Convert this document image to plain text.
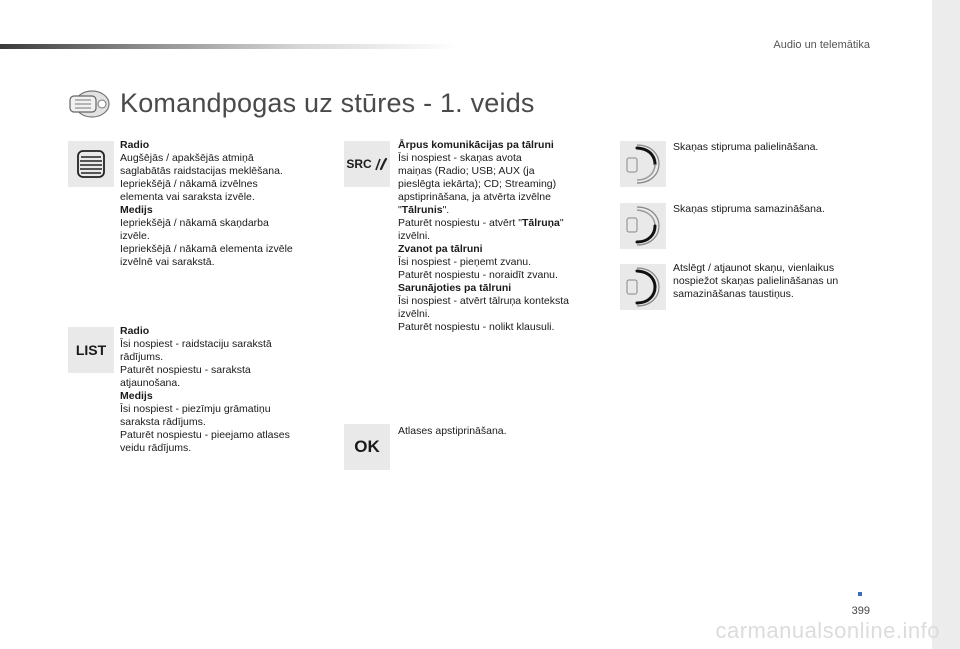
Audio un telemātika
Komandpogas uz stūres - 1. veids
Radio
Augšējās / apakšējās atmiņā
saglabātās raidstacijas meklēšana.
Iepriekšējā / nākamā izvēlnes
elementa vai saraksta izvēle.
Medijs
Iepriekšējā / nākamā skaņdarba
izvēle.
Iepriekšējā / nākamā elementa izvēle
izvēlnē vai sarakstā.
LIST
Radio
Īsi nospiest - raidstaciju sarakstā
rādījums.
Paturēt nospiestu - saraksta
atjaunošana.
Medijs
Īsi nospiest - piezīmju grāmatiņu
saraksta rādījums.
Paturēt nospiestu - pieejamo atlases
veidu rādījums.
SRC
Ārpus komunikācijas pa tālruni
Īsi nospiest - skaņas avota
maiņas (Radio; USB; AUX (ja
pieslēgta iekārta); CD; Streaming)
apstiprināšana, ja atvērta izvēlne
"Tālrunis".
Paturēt nospiestu - atvērt "Tālruņa"
izvēlni.
Zvanot pa tālruni
Īsi nospiest - pieņemt zvanu.
Paturēt nospiestu - noraidīt zvanu.
Sarunājoties pa tālruni
Īsi nospiest - atvērt tālruņa konteksta
izvēlni.
Paturēt nospiestu - nolikt klausuli.
OK
Atlases apstiprināšana.
Skaņas stipruma palielināšana.
Skaņas stipruma samazināšana.
Atslēgt / atjaunot skaņu, vienlaikus
nospiežot skaņas palielināšanas un
samazināšanas taustiņus.
399
carmanualsonline.info
